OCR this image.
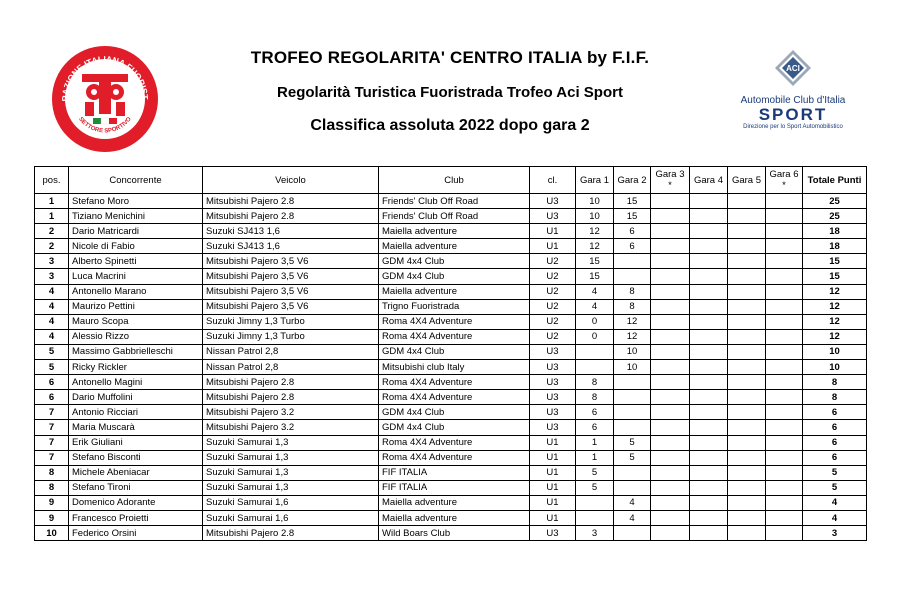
RAZIONE ITALIANA FUORIST
SETTORE SPORTIVO
TROFEO REGOLARITA' CENTRO ITALIA by F.I.F.
Regolarità Turistica Fuoristrada Trofeo Aci Sport
Classifica assoluta 2022 dopo gara 2
ACI
Automobile Club d'Italia
SPORT
Direzione per lo Sport Automobilistico
pos.	Concorrente	Veicolo	Club	cl.	Gara 1	Gara 2	Gara 3 *	Gara 4	Gara 5	Gara 6 *	Totale Punti
1	Stefano Moro	Mitsubishi Pajero 2.8	Friends' Club Off Road	U3	10	15					25
1	Tiziano Menichini	Mitsubishi Pajero 2.8	Friends' Club Off Road	U3	10	15					25
2	Dario Matricardi	Suzuki SJ413 1,6	Maiella adventure	U1	12	6					18
2	Nicole di Fabio	Suzuki SJ413 1,6	Maiella adventure	U1	12	6					18
3	Alberto Spinetti	Mitsubishi Pajero 3,5 V6	GDM 4x4 Club	U2	15						15
3	Luca Macrini	Mitsubishi Pajero 3,5 V6	GDM 4x4 Club	U2	15						15
4	Antonello Marano	Mitsubishi Pajero 3,5 V6	Maiella adventure	U2	4	8					12
4	Maurizo Pettini	Mitsubishi Pajero 3,5 V6	Trigno Fuoristrada	U2	4	8					12
4	Mauro Scopa	Suzuki Jimny 1,3 Turbo	Roma 4X4 Adventure	U2	0	12					12
4	Alessio Rizzo	Suzuki Jimny 1,3 Turbo	Roma 4X4 Adventure	U2	0	12					12
5	Massimo Gabbrielleschi	Nissan Patrol 2,8	GDM 4x4 Club	U3		10					10
5	Ricky Rickler	Nissan Patrol 2,8	Mitsubishi club Italy	U3		10					10
6	Antonello Magini	Mitsubishi Pajero 2.8	Roma 4X4 Adventure	U3	8						8
6	Dario Muffolini	Mitsubishi Pajero 2.8	Roma 4X4 Adventure	U3	8						8
7	Antonio Ricciari	Mitsubishi Pajero 3.2	GDM 4x4 Club	U3	6						6
7	Maria Muscarà	Mitsubishi Pajero 3.2	GDM 4x4 Club	U3	6						6
7	Erik Giuliani	Suzuki Samurai 1,3	Roma 4X4 Adventure	U1	1	5					6
7	Stefano Bisconti	Suzuki Samurai 1,3	Roma 4X4 Adventure	U1	1	5					6
8	Michele Abeniacar	Suzuki Samurai 1,3	FIF ITALIA	U1	5						5
8	Stefano Tironi	Suzuki Samurai 1,3	FIF ITALIA	U1	5						5
9	Domenico Adorante	Suzuki Samurai 1,6	Maiella adventure	U1		4					4
9	Francesco Proietti	Suzuki Samurai 1,6	Maiella adventure	U1		4					4
10	Federico Orsini	Mitsubishi Pajero 2.8	Wild Boars Club	U3	3						3
